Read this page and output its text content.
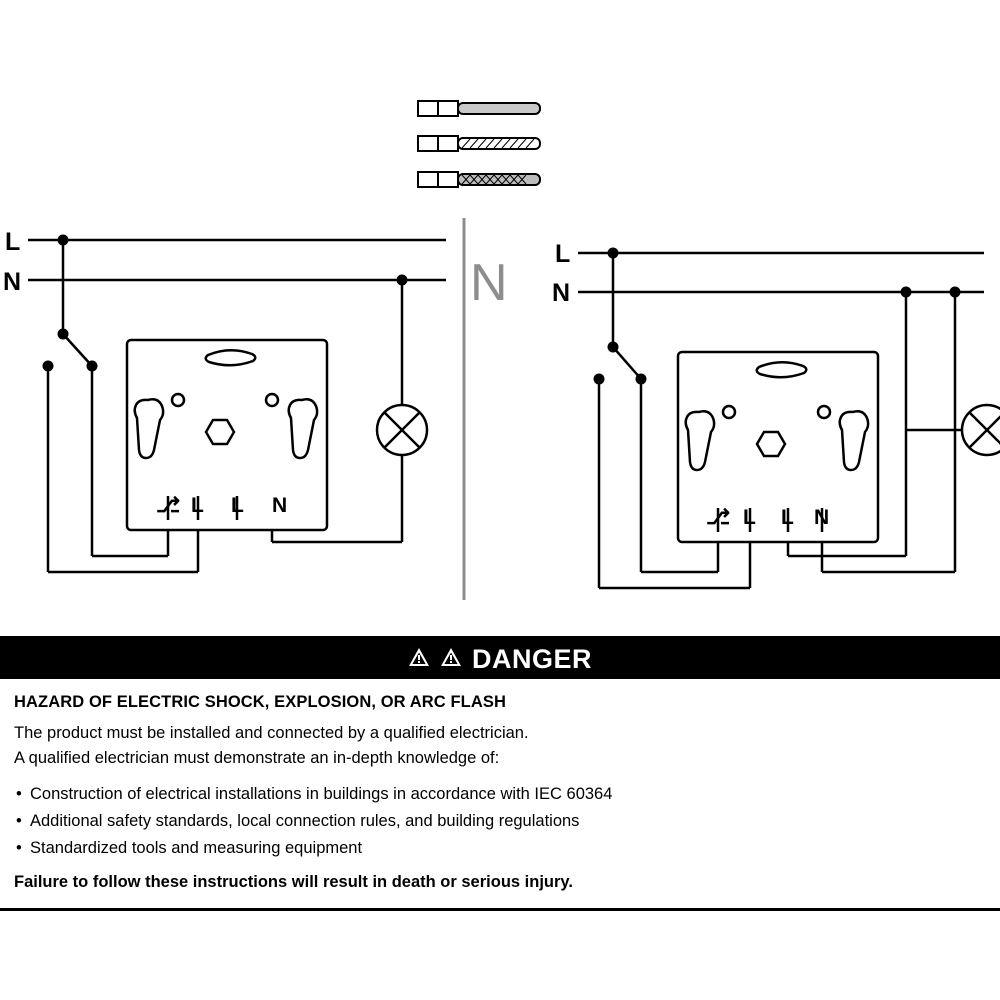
N
⎇ L L N
L
N
⎇ L L N
L
N
DANGER

HAZARD OF ELECTRIC SHOCK, EXPLOSION, OR ARC FLASH

The product must be installed and connected by a qualified electrician.

A qualified electrician must demonstrate an in-depth knowledge of:

• Construction of electrical installations in buildings in accordance with IEC 60364
• Additional safety standards, local connection rules, and building regulations
• Standardized tools and measuring equipment

Failure to follow these instructions will result in death or serious injury.
